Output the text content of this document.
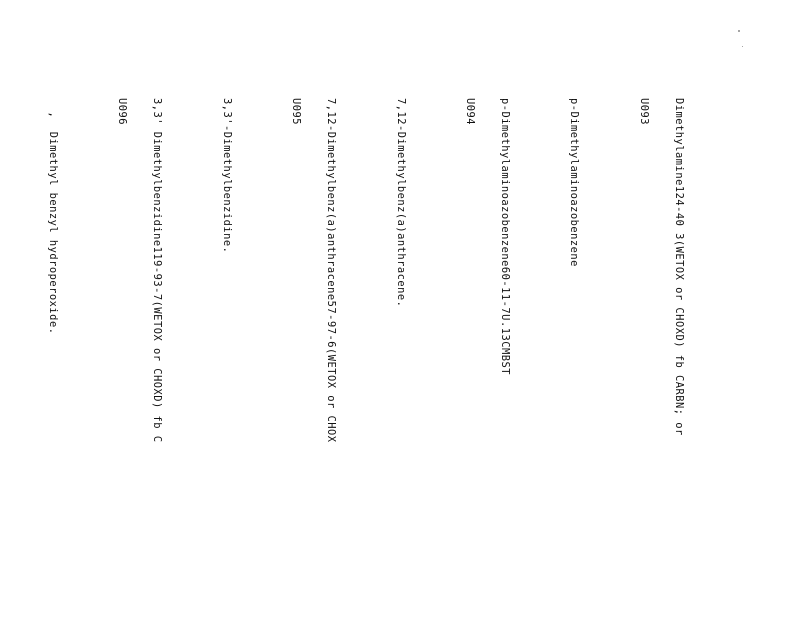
Dimethylamine124-40 3(WETOX or CHOXD) fb CARBN; or

U093

p-Dimethylaminoazobenzene

p-Dimethylaminoazobenzene60-11-7U.13CMBST

U094

7,12-Dimethylbenz(a)anthracene.

7,12-Dimethylbenz(a)anthracene57-97-6(WETOX or CHOX

U095

3,3'-Dimethylbenzidine.

3,3' Dimethylbenzidine119-93-7(WETOX or CHOXD) fb C

U096

,  Dimethyl benzyl hydroperoxide.
